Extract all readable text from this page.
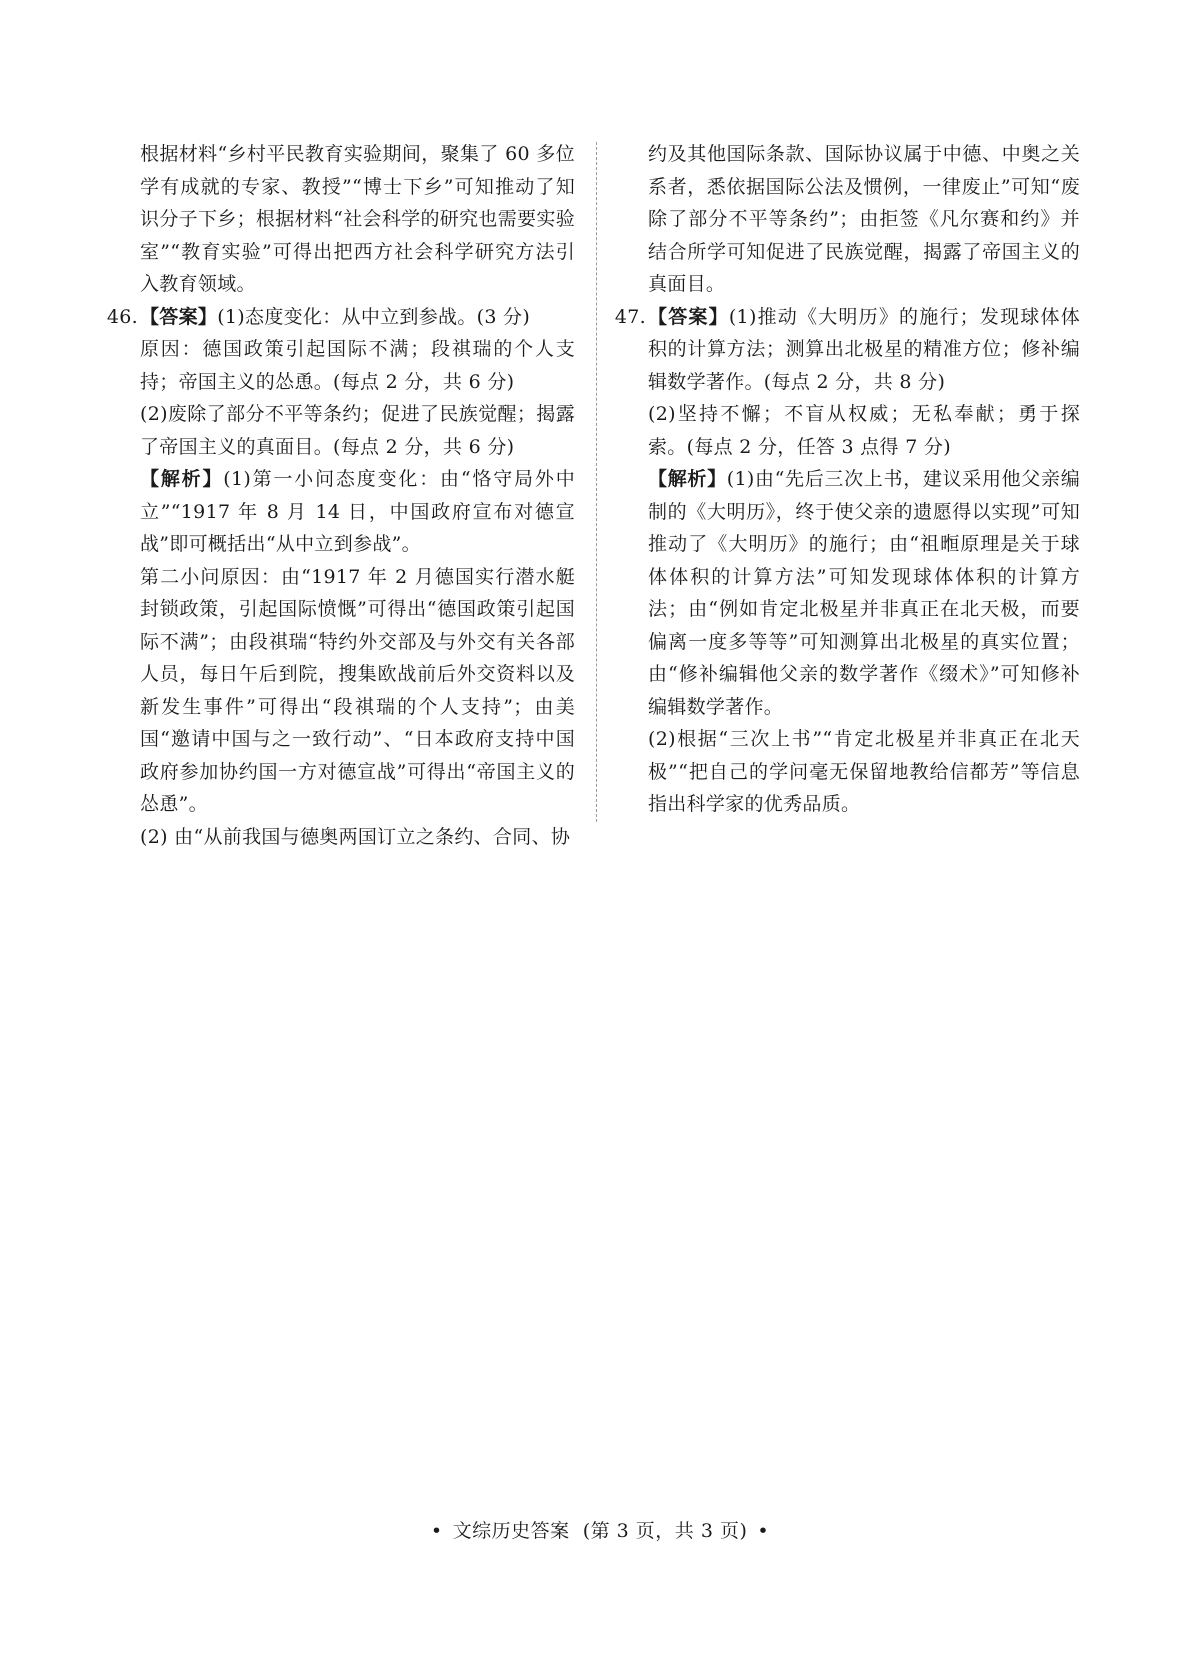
根据材料“乡村平民教育实验期间，聚集了 60 多位学有成就的专家、教授”“博士下乡”可知推动了知识分子下乡；根据材料“社会科学的研究也需要实验室”“教育实验”可得出把西方社会科学研究方法引入教育领域。

46. 【答案】(1)态度变化：从中立到参战。(3 分)

原因：德国政策引起国际不满；段祺瑞的个人支持；帝国主义的怂恿。(每点 2 分，共 6 分)

(2)废除了部分不平等条约；促进了民族觉醒；揭露了帝国主义的真面目。(每点 2 分，共 6 分)

【解析】(1)第一小问态度变化：由“恪守局外中立”“1917 年 8 月 14 日，中国政府宣布对德宣战”即可概括出“从中立到参战”。

第二小问原因：由“1917 年 2 月德国实行潜水艇封锁政策，引起国际愤慨”可得出“德国政策引起国际不满”；由段祺瑞“特约外交部及与外交有关各部人员，每日午后到院，搜集欧战前后外交资料以及新发生事件”可得出“段祺瑞的个人支持”；由美国“邀请中国与之一致行动”、“日本政府支持中国政府参加协约国一方对德宣战”可得出“帝国主义的怂恿”。

(2) 由“从前我国与德奥两国订立之条约、合同、协

约及其他国际条款、国际协议属于中德、中奥之关系者，悉依据国际公法及惯例，一律废止”可知“废除了部分不平等条约”；由拒签《凡尔赛和约》并结合所学可知促进了民族觉醒，揭露了帝国主义的真面目。

47. 【答案】(1)推动《大明历》的施行；发现球体体积的计算方法；测算出北极星的精准方位；修补编辑数学著作。(每点 2 分，共 8 分)

(2)坚持不懈；不盲从权威；无私奉献；勇于探索。(每点 2 分，任答 3 点得 7 分)

【解析】(1)由“先后三次上书，建议采用他父亲编制的《大明历》，终于使父亲的遗愿得以实现”可知推动了《大明历》的施行；由“祖暅原理是关于球体体积的计算方法”可知发现球体体积的计算方法；由“例如肯定北极星并非真正在北天极，而要偏离一度多等等”可知测算出北极星的真实位置；由“修补编辑他父亲的数学著作《缀术》”可知修补编辑数学著作。

(2)根据“三次上书”“肯定北极星并非真正在北天极”“把自己的学问毫无保留地教给信都芳”等信息指出科学家的优秀品质。

• 文综历史答案 (第 3 页，共 3 页) •
